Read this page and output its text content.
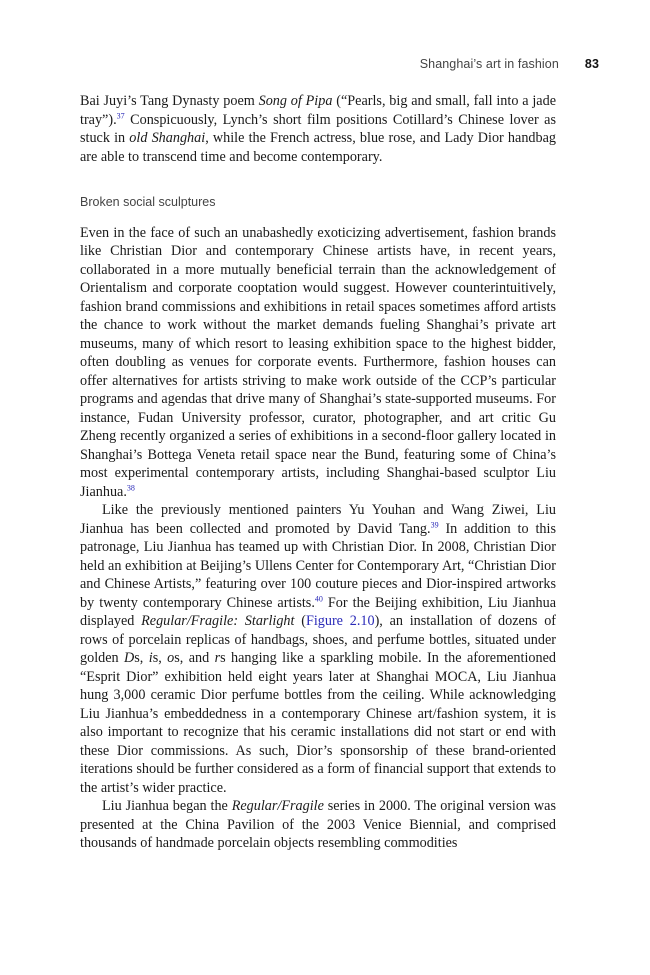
Shanghai’s art in fashion 83

Bai Juyi’s Tang Dynasty poem Song of Pipa (“Pearls, big and small, fall into a jade tray”).$^{37}$ Conspicuously, Lynch’s short film positions Cotillard’s Chinese lover as stuck in old Shanghai, while the French actress, blue rose, and Lady Dior handbag are able to transcend time and become contemporary.

Broken social sculptures

Even in the face of such an unabashedly exoticizing advertisement, fashion brands like Christian Dior and contemporary Chinese artists have, in recent years, collaborated in a more mutually beneficial terrain than the acknowledgement of Orientalism and corporate cooptation would suggest. However counterintuitively, fashion brand commissions and exhibitions in retail spaces sometimes afford artists the chance to work without the market demands fueling Shanghai’s private art museums, many of which resort to leasing exhibition space to the highest bidder, often doubling as venues for corporate events. Furthermore, fashion houses can offer alternatives for artists striving to make work outside of the CCP’s particular programs and agendas that drive many of Shanghai’s state-supported museums. For instance, Fudan University professor, curator, photographer, and art critic Gu Zheng recently organized a series of exhibitions in a second-floor gallery located in Shanghai’s Bottega Veneta retail space near the Bund, featuring some of China’s most experimental contemporary artists, including Shanghai-based sculptor Liu Jianhua.$^{38}$

Like the previously mentioned painters Yu Youhan and Wang Ziwei, Liu Jianhua has been collected and promoted by David Tang.$^{39}$ In addition to this patronage, Liu Jianhua has teamed up with Christian Dior. In 2008, Christian Dior held an exhibition at Beijing’s Ullens Center for Contemporary Art, “Christian Dior and Chinese Artists,” featuring over 100 couture pieces and Dior-inspired artworks by twenty contemporary Chinese artists.$^{40}$ For the Beijing exhibition, Liu Jianhua displayed Regular/Fragile: Starlight (Figure 2.10), an installation of dozens of rows of porcelain replicas of handbags, shoes, and perfume bottles, situated under golden Ds, is, os, and rs hanging like a sparkling mobile. In the aforementioned “Esprit Dior” exhibition held eight years later at Shanghai MOCA, Liu Jianhua hung 3,000 ceramic Dior perfume bottles from the ceiling. While acknowledging Liu Jianhua’s embeddedness in a contemporary Chinese art/fashion system, it is also important to recognize that his ceramic installations did not start or end with these Dior commissions. As such, Dior’s sponsorship of these brand-oriented iterations should be further considered as a form of financial support that extends to the artist’s wider practice.

Liu Jianhua began the Regular/Fragile series in 2000. The original version was presented at the China Pavilion of the 2003 Venice Biennial, and comprised thousands of handmade porcelain objects resembling commodities
